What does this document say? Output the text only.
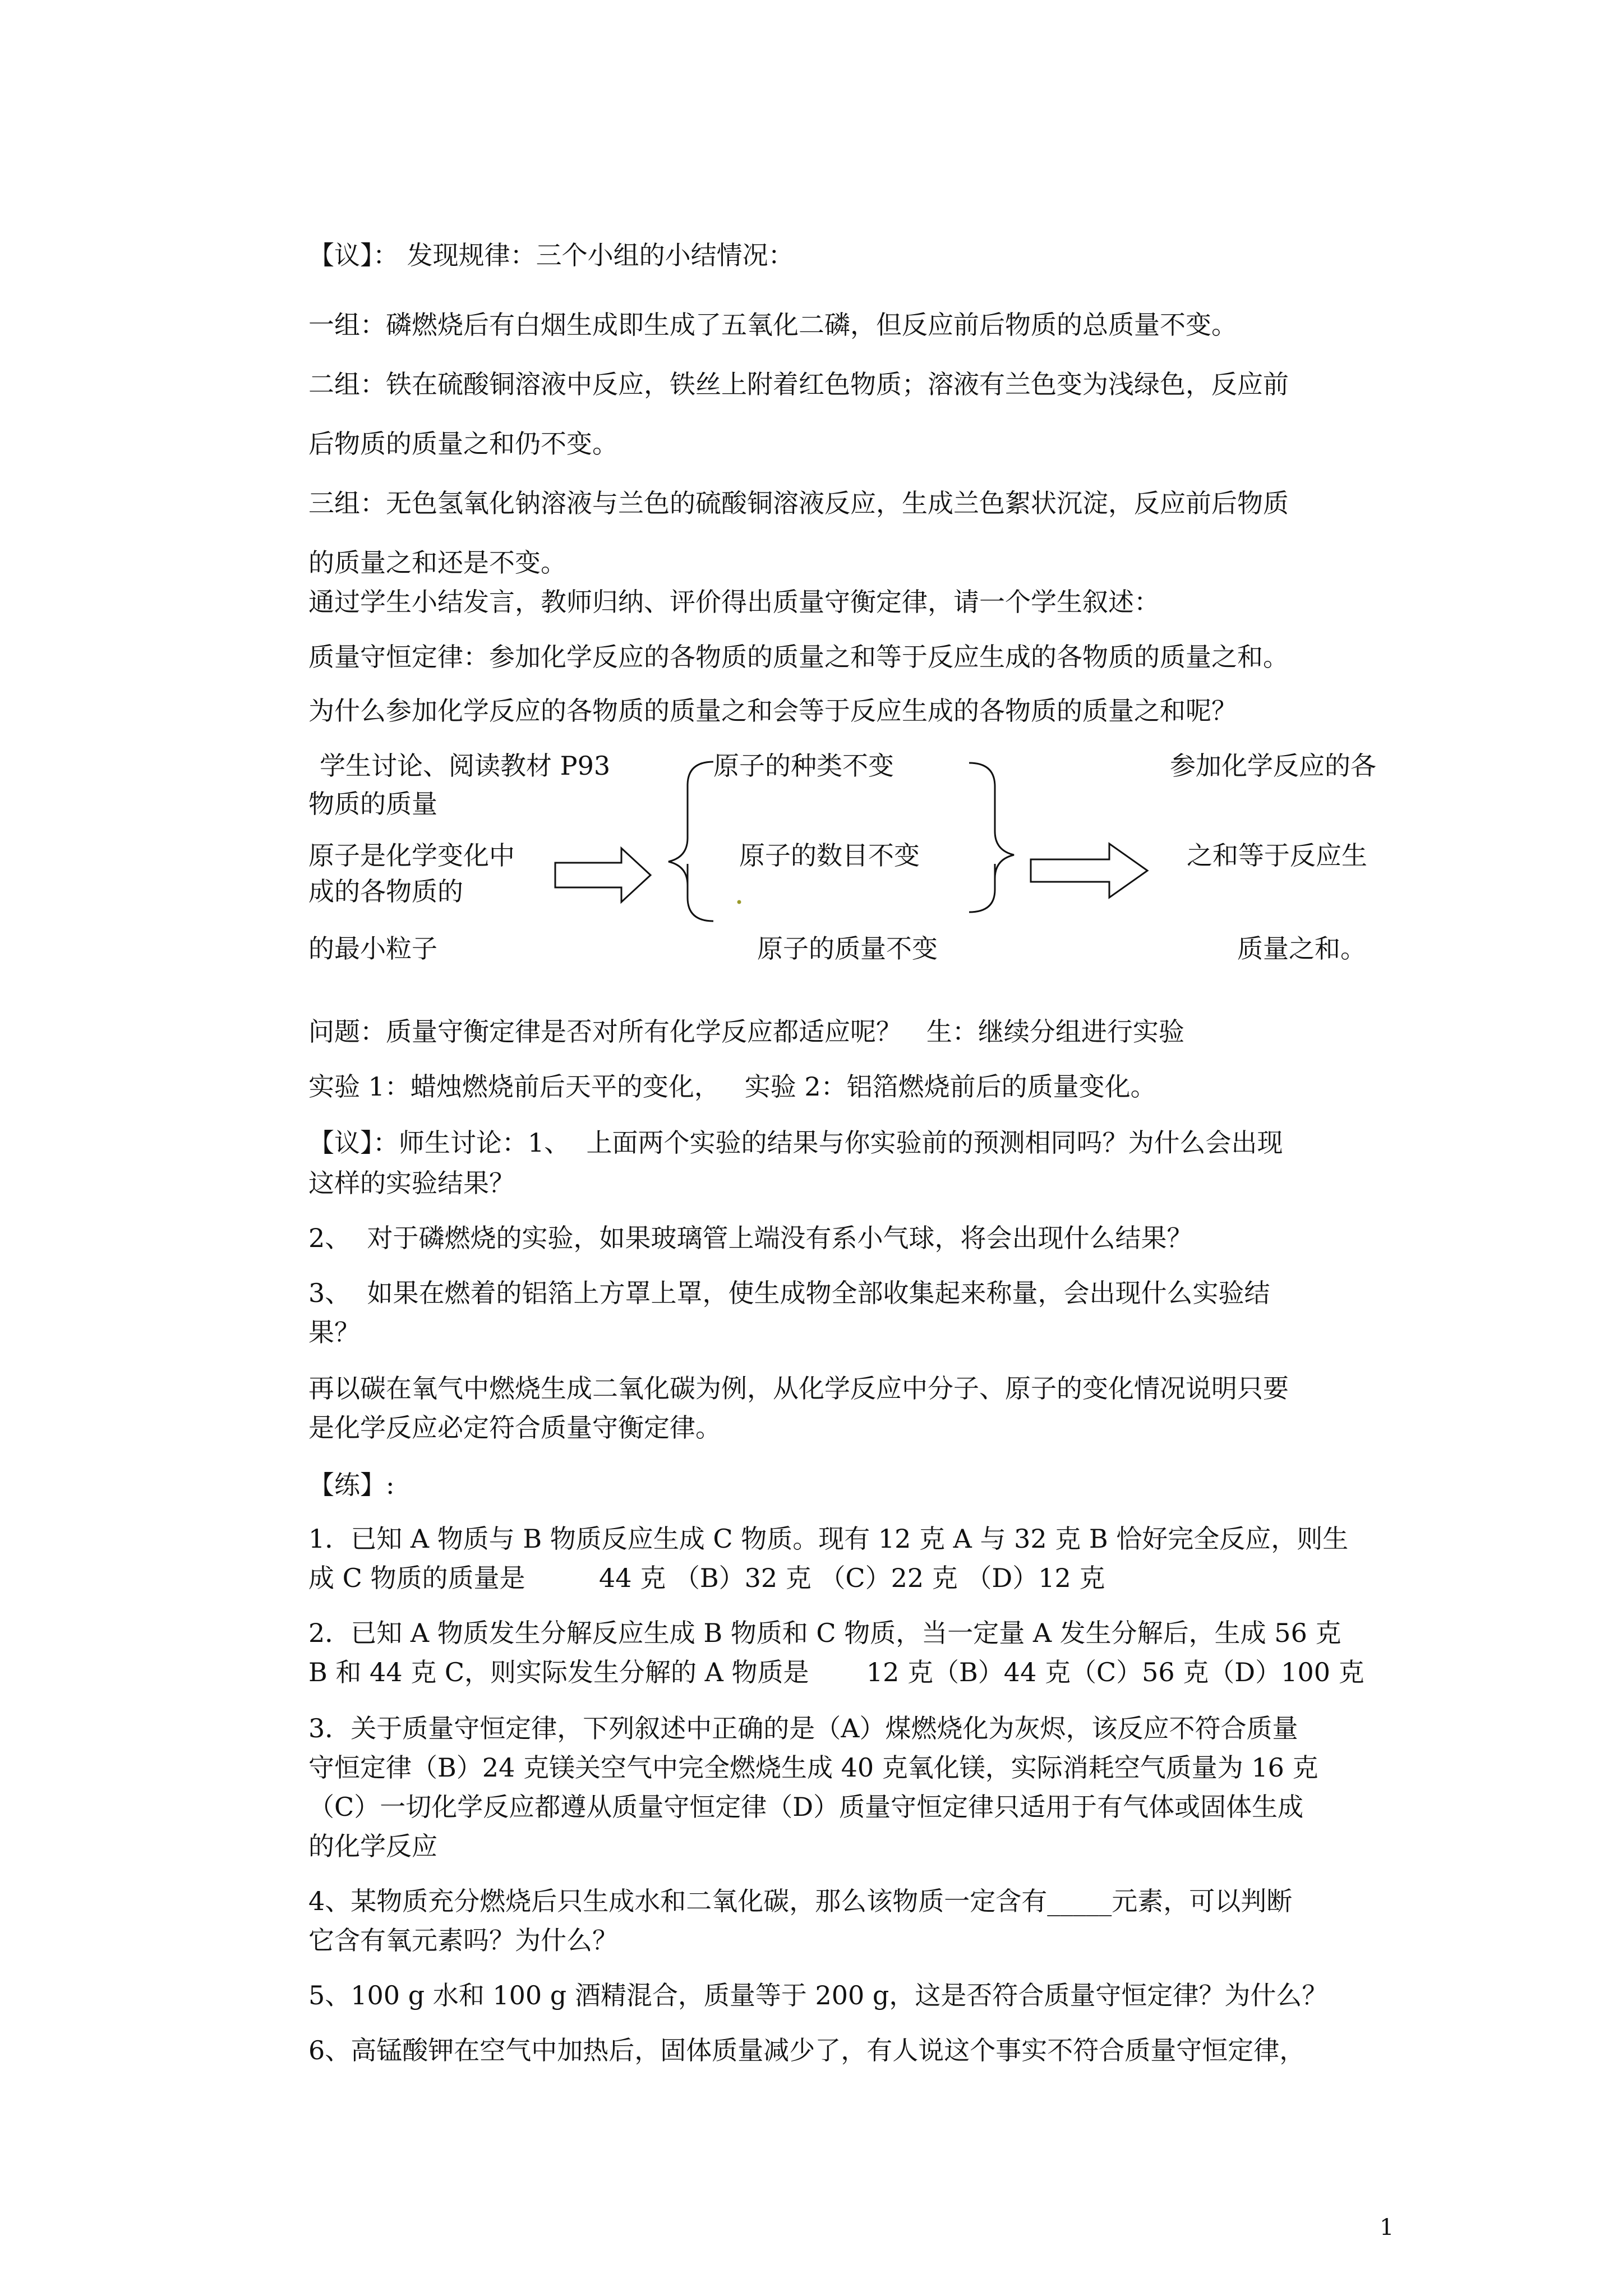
【议】： 发现规律：三个小组的小结情况：
一组：磷燃烧后有白烟生成即生成了五氧化二磷，但反应前后物质的总质量不变。
二组：铁在硫酸铜溶液中反应，铁丝上附着红色物质；溶液有兰色变为浅绿色，反应前
后物质的质量之和仍不变。
三组：无色氢氧化钠溶液与兰色的硫酸铜溶液反应，生成兰色絮状沉淀，反应前后物质
的质量之和还是不变。
通过学生小结发言，教师归纳、评价得出质量守衡定律，请一个学生叙述：
质量守恒定律：参加化学反应的各物质的质量之和等于反应生成的各物质的质量之和。
为什么参加化学反应的各物质的质量之和会等于反应生成的各物质的质量之和呢？
学生讨论、阅读教材 P93
物质的质量
原子是化学变化中
成的各物质的
的最小粒子
原子的种类不变
原子的数目不变
原子的质量不变
参加化学反应的各
之和等于反应生
质量之和。
问题：质量守衡定律是否对所有化学反应都适应呢？   生：继续分组进行实验
实验 1：蜡烛燃烧前后天平的变化，   实验 2：铝箔燃烧前后的质量变化。
【议】：师生讨论：1、  上面两个实验的结果与你实验前的预测相同吗？为什么会出现
这样的实验结果？
2、  对于磷燃烧的实验，如果玻璃管上端没有系小气球，将会出现什么结果？
3、  如果在燃着的铝箔上方罩上罩，使生成物全部收集起来称量，会出现什么实验结
果？
再以碳在氧气中燃烧生成二氧化碳为例，从化学反应中分子、原子的变化情况说明只要
是化学反应必定符合质量守衡定律。
【练】:
1．已知 A 物质与 B 物质反应生成 C 物质。现有 12 克 A 与 32 克 B 恰好完全反应，则生
成 C 物质的质量是         44 克 （B）32 克 （C）22 克 （D）12 克
2．已知 A 物质发生分解反应生成 B 物质和 C 物质，当一定量 A 发生分解后，生成 56 克
B 和 44 克 C，则实际发生分解的 A 物质是       12 克（B）44 克（C）56 克（D）100 克
3．关于质量守恒定律，下列叙述中正确的是（A）煤燃烧化为灰烬，该反应不符合质量
守恒定律（B）24 克镁关空气中完全燃烧生成 40 克氧化镁，实际消耗空气质量为 16 克
（C）一切化学反应都遵从质量守恒定律（D）质量守恒定律只适用于有气体或固体生成
的化学反应
4、某物质充分燃烧后只生成水和二氧化碳，那么该物质一定含有_____元素，可以判断
它含有氧元素吗？为什么？
5、100 g 水和 100 g 酒精混合，质量等于 200 g，这是否符合质量守恒定律？为什么？
6、高锰酸钾在空气中加热后，固体质量减少了，有人说这个事实不符合质量守恒定律，
1
